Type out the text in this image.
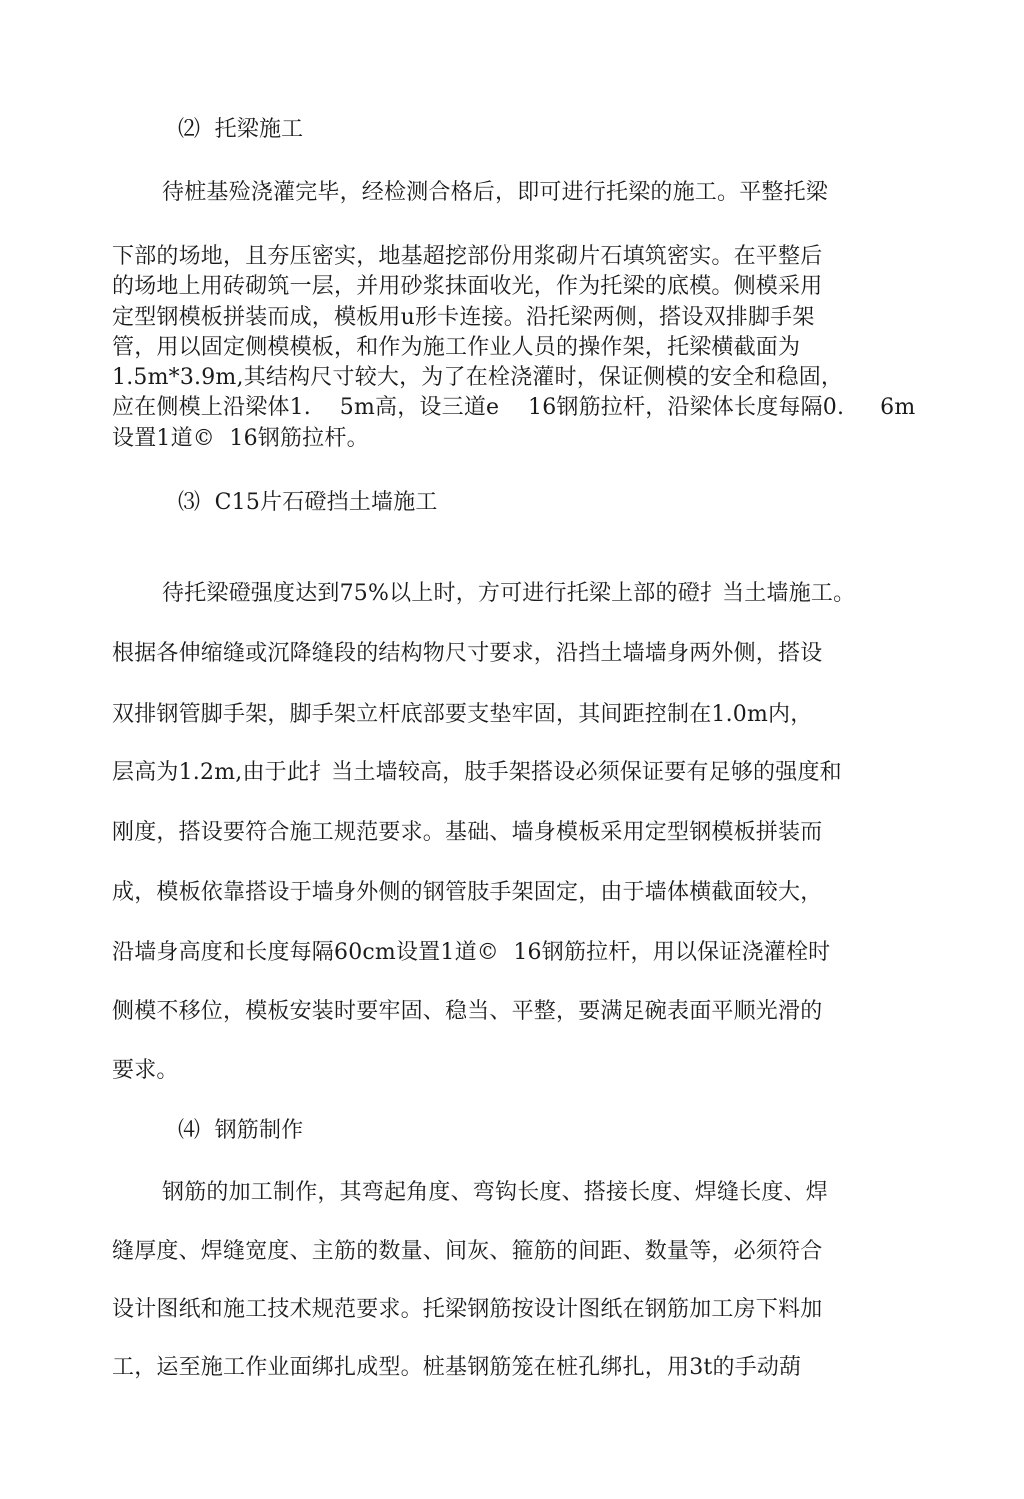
⑵  托梁施工
待桩基殓浇灌完毕，经检测合格后，即可进行托梁的施工。平整托梁
下部的场地，且夯压密实，地基超挖部份用浆砌片石填筑密实。在平整后
的场地上用砖砌筑一层，并用砂浆抹面收光，作为托梁的底模。侧模采用
定型钢模板拼装而成，模板用u形卡连接。沿托梁两侧，搭设双排脚手架
管，用以固定侧模模板，和作为施工作业人员的操作架，托梁横截面为
1.5m*3.9m,其结构尺寸较大，为了在栓浇灌时，保证侧模的安全和稳固，
应在侧模上沿梁体1.    5m高，设三道e    16钢筋拉杆，沿梁体长度每隔0.     6m
设置1道©  16钢筋拉杆。
⑶  C15片石磴挡土墙施工
待托梁磴强度达到75%以上时，方可进行托梁上部的磴扌当土墙施工。
根据各伸缩缝或沉降缝段的结构物尺寸要求，沿挡土墙墙身两外侧，搭设
双排钢管脚手架，脚手架立杆底部要支垫牢固，其间距控制在1.0m内，
层高为1.2m,由于此扌当土墙较高，肢手架搭设必须保证要有足够的强度和
刚度，搭设要符合施工规范要求。基础、墙身模板采用定型钢模板拼装而
成，模板依靠搭设于墙身外侧的钢管肢手架固定，由于墙体横截面较大，
沿墙身高度和长度每隔60cm设置1道©  16钢筋拉杆，用以保证浇灌栓时
侧模不移位，模板安装时要牢固、稳当、平整，要满足碗表面平顺光滑的
要求。
⑷  钢筋制作
钢筋的加工制作，其弯起角度、弯钩长度、搭接长度、焊缝长度、焊
缝厚度、焊缝宽度、主筋的数量、间灰、箍筋的间距、数量等，必须符合
设计图纸和施工技术规范要求。托梁钢筋按设计图纸在钢筋加工房下料加
工，运至施工作业面绑扎成型。桩基钢筋笼在桩孔绑扎，用3t的手动葫
